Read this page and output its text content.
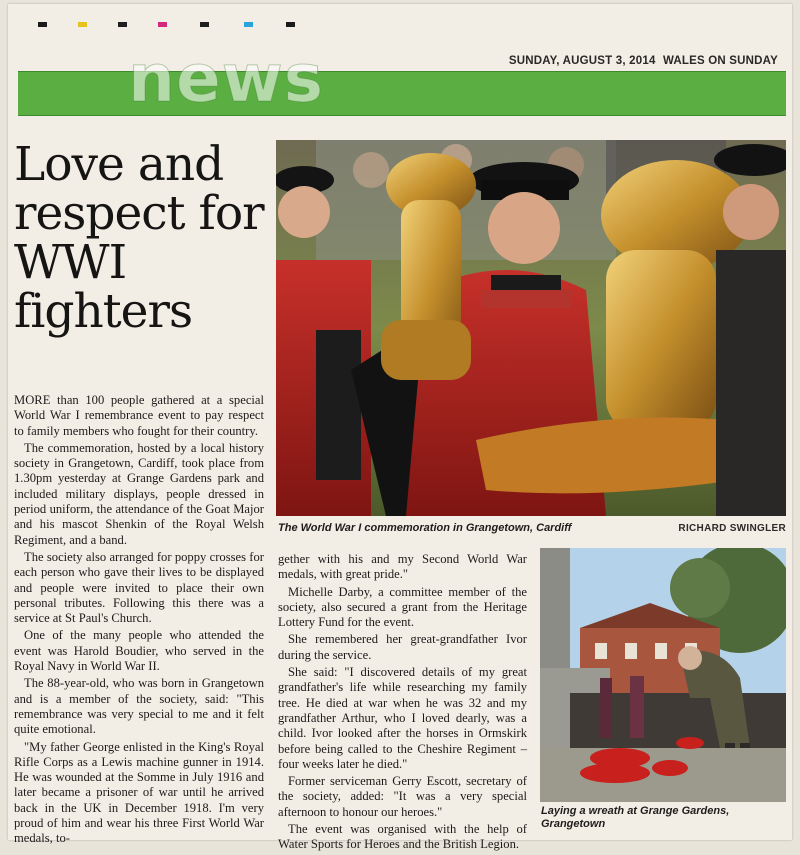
SUNDAY, AUGUST 3, 2014 WALES ON SUNDAY
news
Love and respect for WWI fighters
The World War I commemoration in Grangetown, Cardiff	RICHARD SWINGLER

MORE than 100 people gathered at a special World War I remembrance event to pay respect to family members who fought for their country.

The commemoration, hosted by a local history society in Grangetown, Cardiff, took place from 1.30pm yesterday at Grange Gardens park and included military displays, people dressed in period uniform, the attendance of the Goat Major and his mascot Shenkin of the Royal Welsh Regiment, and a band.

The society also arranged for poppy crosses for each person who gave their lives to be displayed and people were invited to place their own personal tributes. Following this there was a service at St Paul's Church.

One of the many people who attended the event was Harold Boudier, who served in the Royal Navy in World War II.

The 88-year-old, who was born in Grangetown and is a member of the society, said: "This remembrance was very special to me and it felt quite emotional.

"My father George enlisted in the King's Royal Rifle Corps as a Lewis machine gunner in 1914. He was wounded at the Somme in July 1916 and later became a prisoner of war until he arrived back in the UK in December 1918. I'm very proud of him and wear his three First World War medals, to-

gether with his and my Second World War medals, with great pride."

Michelle Darby, a committee member of the society, also secured a grant from the Heritage Lottery Fund for the event.

She remembered her great-grandfather Ivor during the service.

She said: "I discovered details of my great grandfather's life while researching my family tree. He died at war when he was 32 and my grandfather Arthur, who I loved dearly, was a child. Ivor looked after the horses in Ormskirk before being called to the Cheshire Regiment – four weeks later he died."

Former serviceman Gerry Escott, secretary of the society, added: "It was a very special afternoon to honour our heroes."

The event was organised with the help of Water Sports for Heroes and the British Legion.

Laying a wreath at Grange Gardens, Grangetown
